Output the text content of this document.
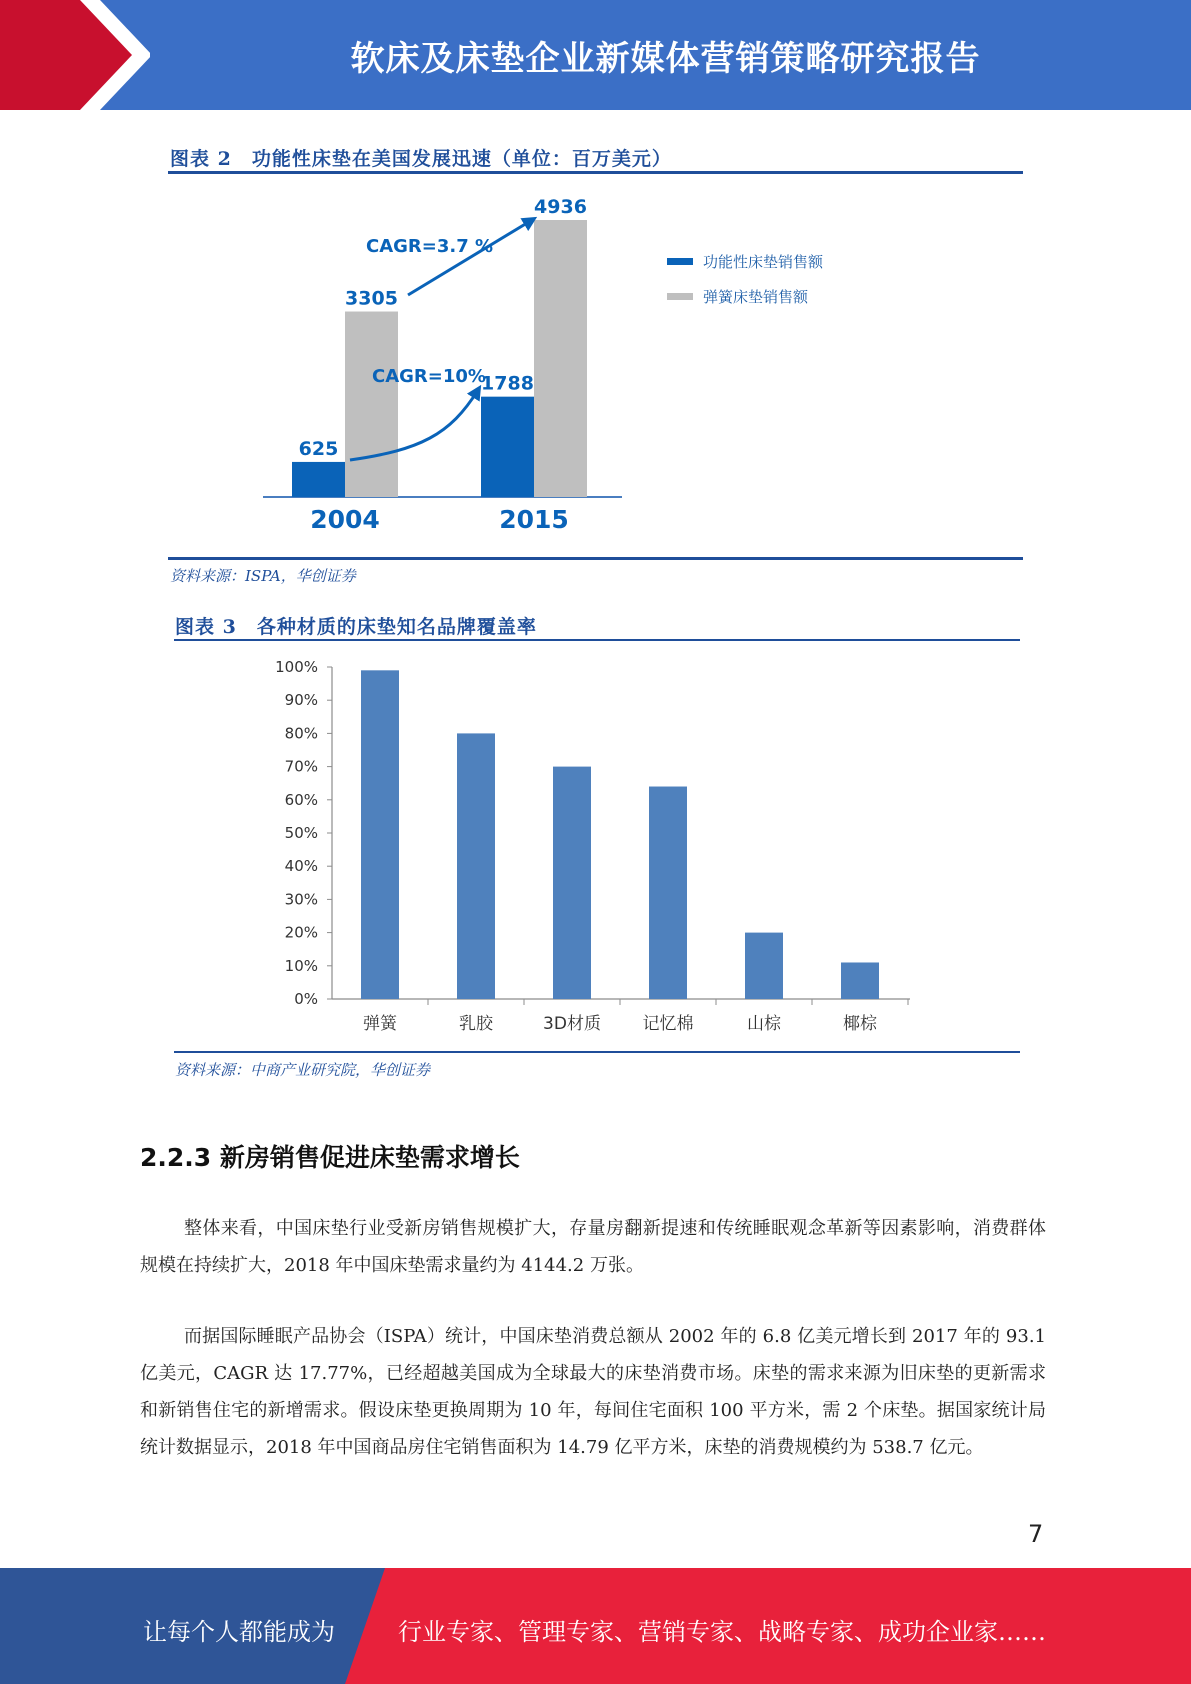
软床及床垫企业新媒体营销策略研究报告
图表 2　功能性床垫在美国发展迅速（单位：百万美元）
625
3305
2004
1788
4936
2015
CAGR=10%
CAGR=3.7 %
功能性床垫销售额
弹簧床垫销售额
资料来源：ISPA，华创证券
图表 3　各种材质的床垫知名品牌覆盖率
0%
10%
20%
30%
40%
50%
60%
70%
80%
90%
100%
弹簧	乳胶	3D材质 记忆棉	山棕	椰棕
资料来源：中商产业研究院，华创证券
2.2.3 新房销售促进床垫需求增长
整体来看，中国床垫行业受新房销售规模扩大，存量房翻新提速和传统睡眠观念革新等因素影响，消费群体规模在持续扩大，2018 年中国床垫需求量约为 4144.2 万张。
而据国际睡眠产品协会（ISPA）统计，中国床垫消费总额从 2002 年的 6.8 亿美元增长到 2017 年的 93.1 亿美元，CAGR 达 17.77%，已经超越美国成为全球最大的床垫消费市场。床垫的需求来源为旧床垫的更新需求和新销售住宅的新增需求。假设床垫更换周期为 10 年，每间住宅面积 100 平方米，需 2 个床垫。据国家统计局统计数据显示，2018 年中国商品房住宅销售面积为 14.79 亿平方米，床垫的消费规模约为 538.7 亿元。
7
让每个人都能成为	行业专家、管理专家、营销专家、战略专家、成功企业家……
